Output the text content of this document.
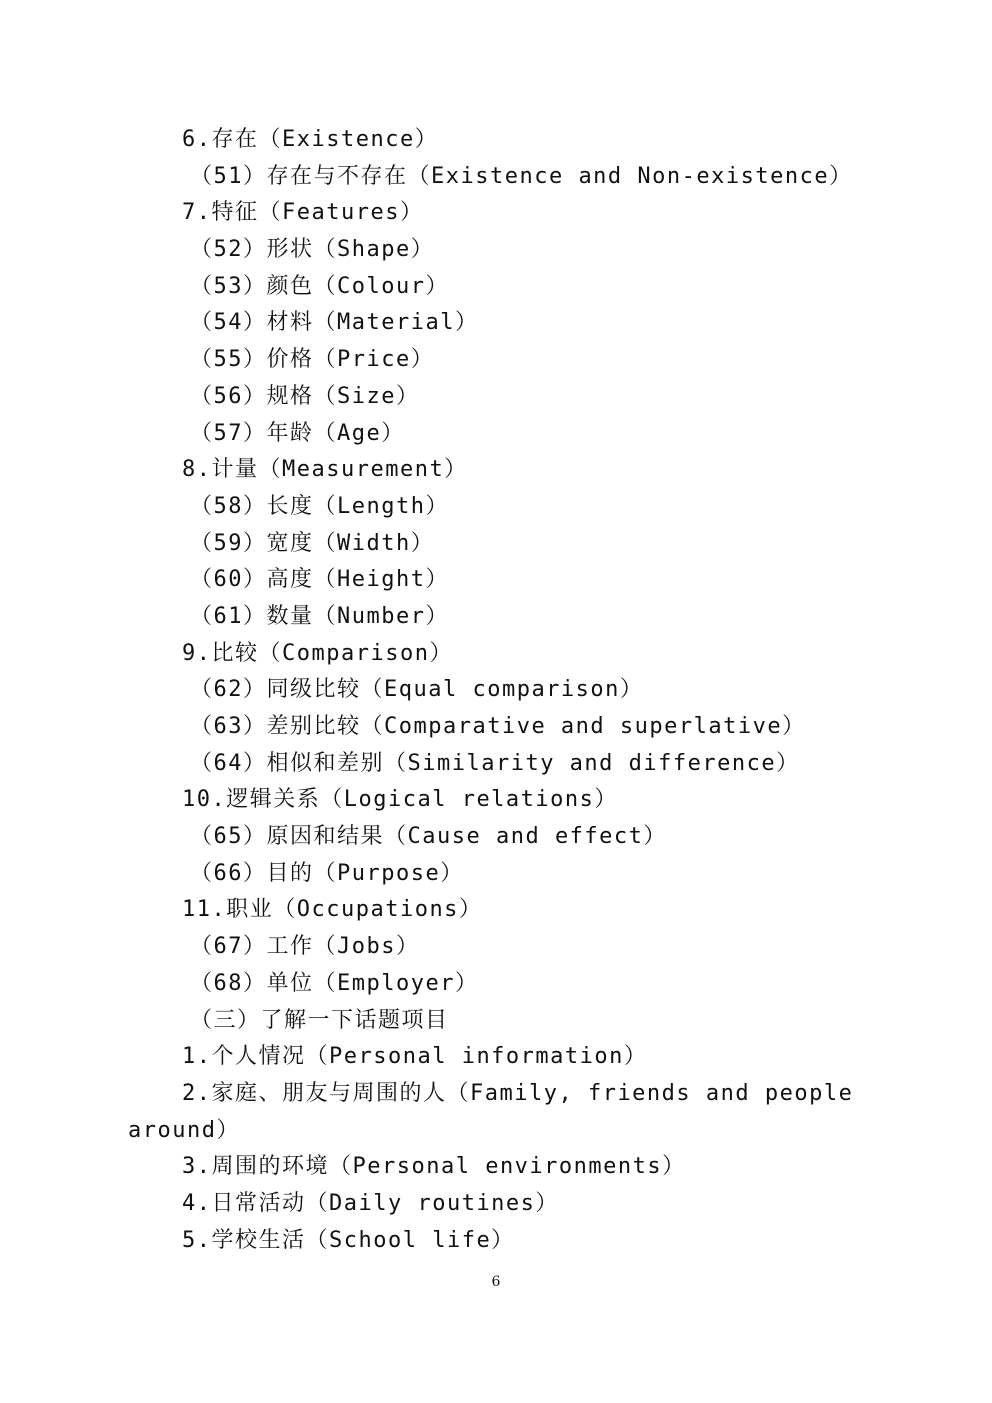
6.存在（Existence）
（51）存在与不存在（Existence and Non-existence）
7.特征（Features）
（52）形状（Shape）
（53）颜色（Colour）
（54）材料（Material）
（55）价格（Price）
（56）规格（Size）
（57）年龄（Age）
8.计量（Measurement）
（58）长度（Length）
（59）宽度（Width）
（60）高度（Height）
（61）数量（Number）
9.比较（Comparison）
（62）同级比较（Equal comparison）
（63）差别比较（Comparative and superlative）
（64）相似和差别（Similarity and difference）
10.逻辑关系（Logical relations）
（65）原因和结果（Cause and effect）
（66）目的（Purpose）
11.职业（Occupations）
（67）工作（Jobs）
（68）单位（Employer）
（三）了解一下话题项目
1.个人情况（Personal information）
2.家庭、朋友与周围的人（Family, friends and people
around）
3.周围的环境（Personal environments）
4.日常活动（Daily routines）
5.学校生活（School life）
6
